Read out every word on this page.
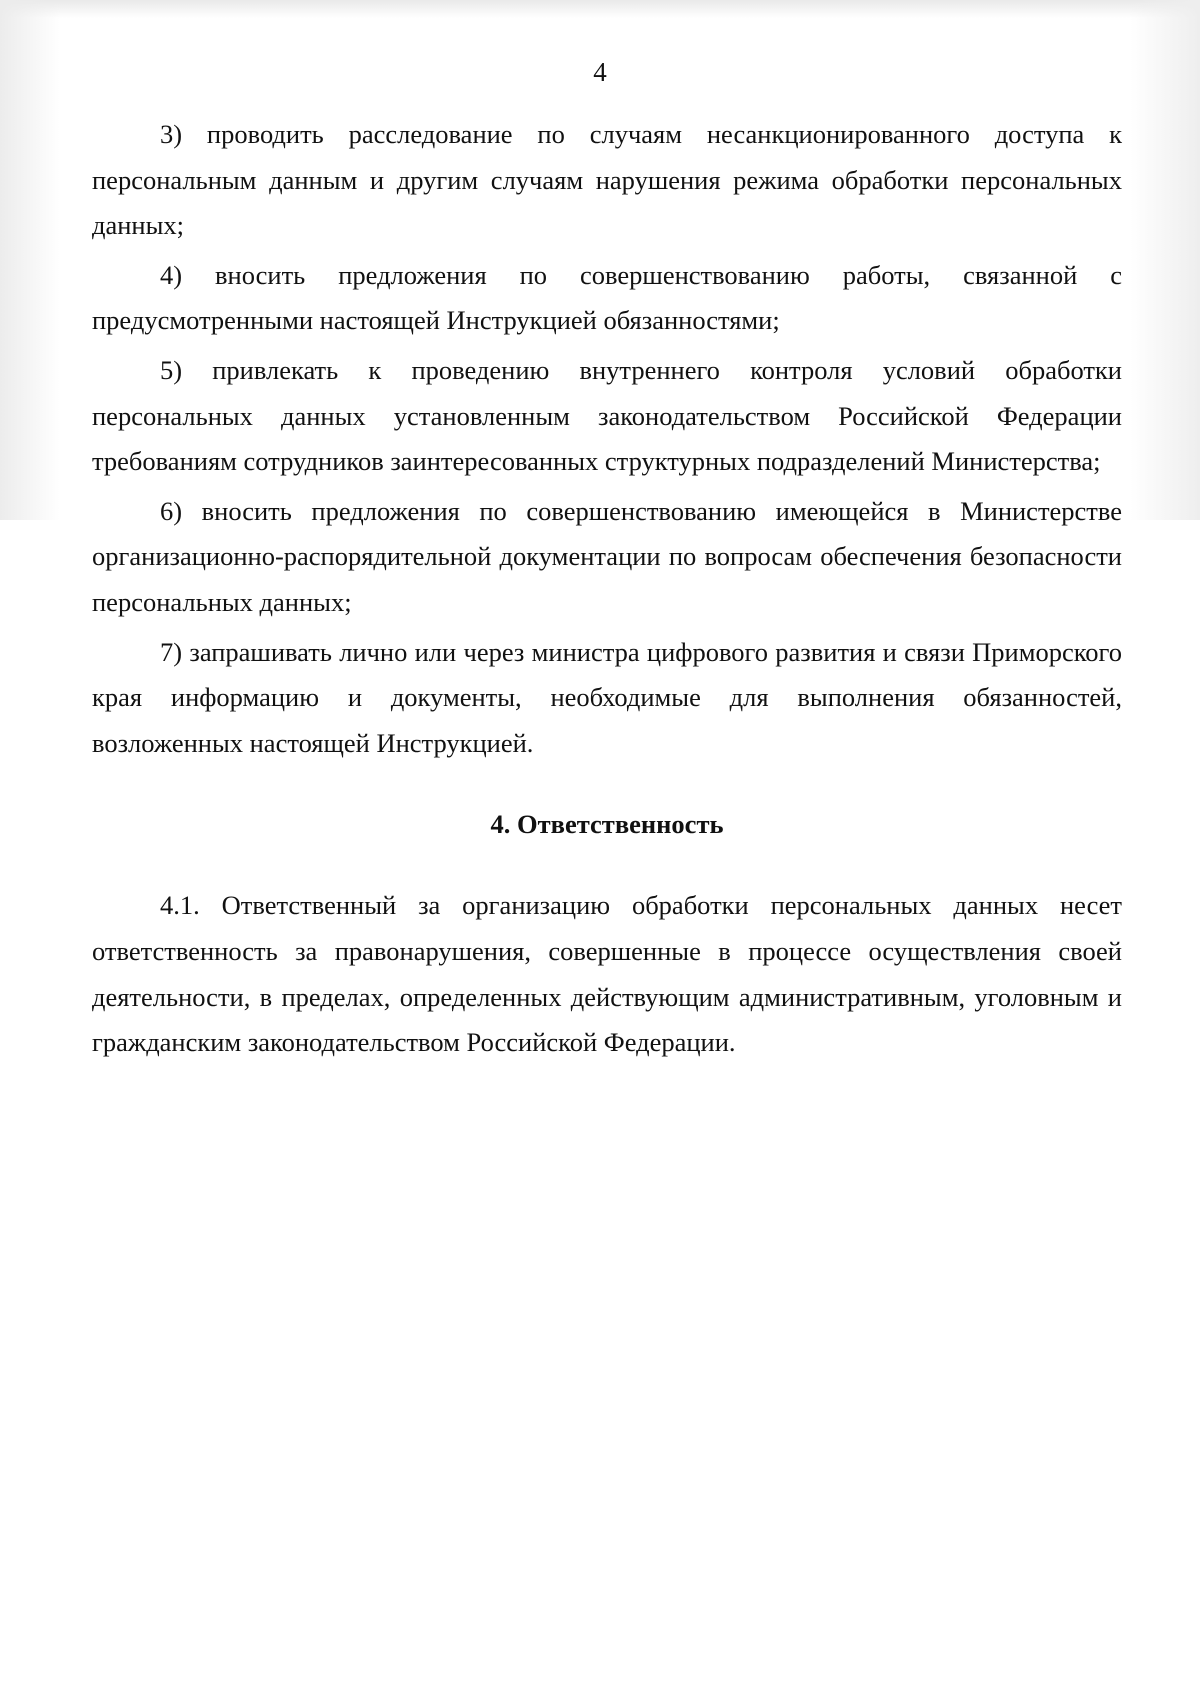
4

3) проводить расследование по случаям несанкционированного доступа к персональным данным и другим случаям нарушения режима обработки персональных данных;

4) вносить предложения по совершенствованию работы, связанной с предусмотренными настоящей Инструкцией обязанностями;

5) привлекать к проведению внутреннего контроля условий обработки персональных данных установленным законодательством Российской Федерации требованиям сотрудников заинтересованных структурных подразделений Министерства;

6) вносить предложения по совершенствованию имеющейся в Министерстве организационно-распорядительной документации по вопросам обеспечения безопасности персональных данных;

7) запрашивать лично или через министра цифрового развития и связи Приморского края информацию и документы, необходимые для выполнения обязанностей, возложенных настоящей Инструкцией.

4. Ответственность

4.1. Ответственный за организацию обработки персональных данных несет ответственность за правонарушения, совершенные в процессе осуществления своей деятельности, в пределах, определенных действующим административным, уголовным и гражданским законодательством Российской Федерации.
